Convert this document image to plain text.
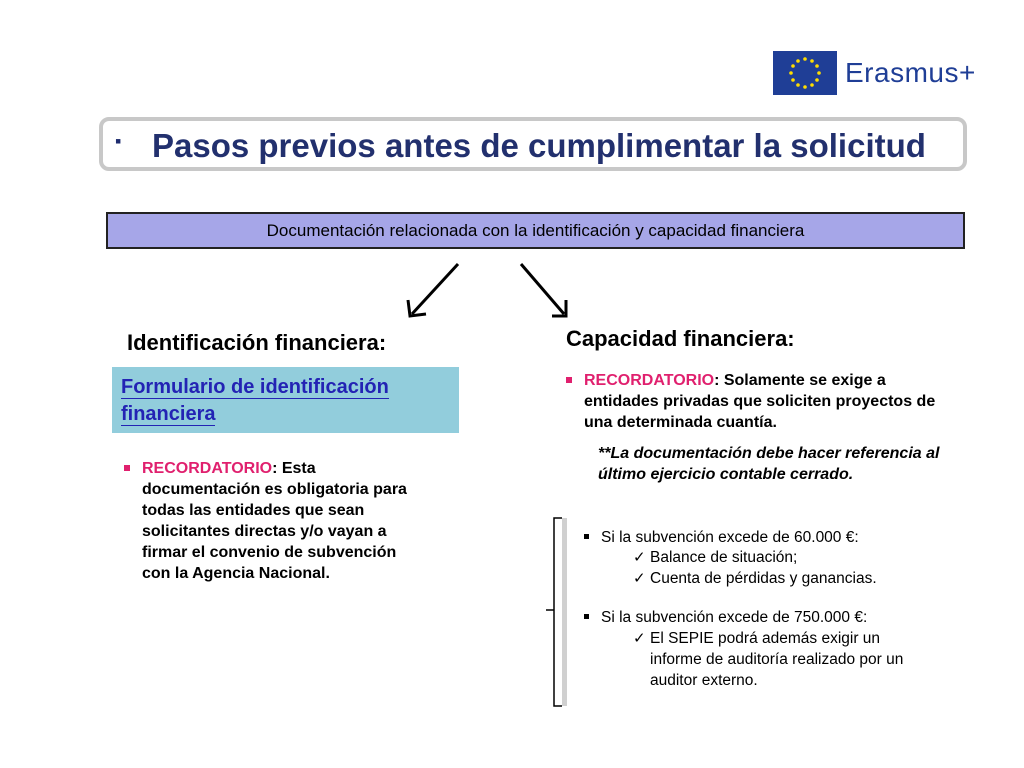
Erasmus+
▪ Pasos previos antes de cumplimentar la solicitud
Documentación relacionada con la identificación y capacidad financiera
Identificación financiera:
Formulario de identificación
financiera
RECORDATORIO: Esta
documentación es obligatoria para
todas las entidades que sean
solicitantes directas y/o vayan a
firmar el convenio de subvención
con la Agencia Nacional.
Capacidad financiera:
RECORDATORIO: Solamente se exige a
entidades privadas que soliciten proyectos de
una determinada cuantía.
**La documentación debe hacer referencia al
último ejercicio contable cerrado.
Si la subvención excede de 60.000 €:
✓ Balance de situación;
✓ Cuenta de pérdidas y ganancias.
Si la subvención excede de 750.000 €:
✓ El SEPIE podrá además exigir un
informe de auditoría realizado por un
auditor externo.
